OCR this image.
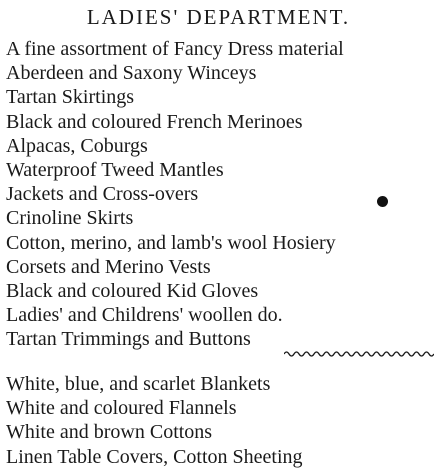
LADIES' DEPARTMENT.
A fine assortment of Fancy Dress material
Aberdeen and Saxony Winceys
Tartan Skirtings
Black and coloured French Merinoes
Alpacas, Coburgs
Waterproof Tweed Mantles
Jackets and Cross-overs
Crinoline Skirts
Cotton, merino, and lamb's wool Hosiery
Corsets and Merino Vests
Black and coloured Kid Gloves
Ladies' and Childrens' woollen do.
Tartan Trimmings and Buttons
White, blue, and scarlet Blankets
White and coloured Flannels
White and brown Cottons
Linen Table Covers, Cotton Sheeting
